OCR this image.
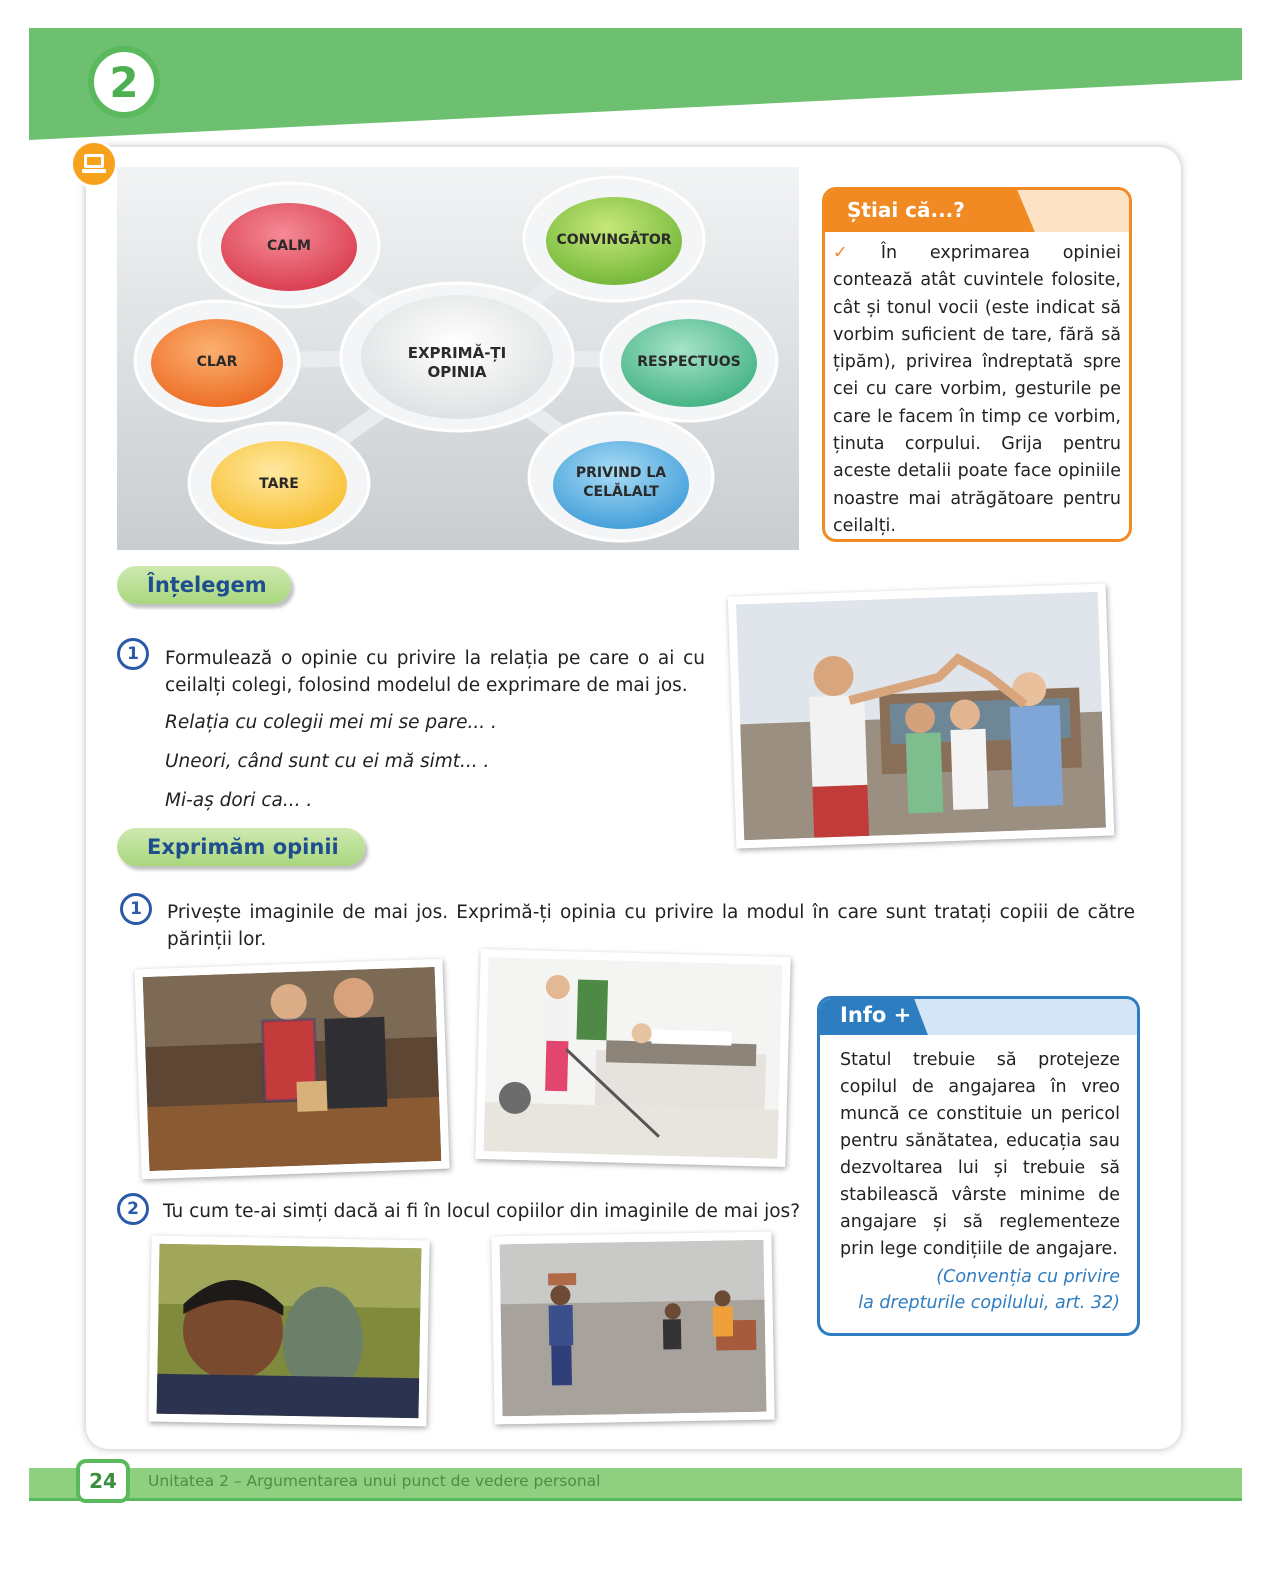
2
CALM	CONVINGĂTOR
CLAR	RESPECTUOS
TARE
PRIVIND LA
CELĂLALT
EXPRIMĂ-ȚI
OPINIA
Știai că...?
✓ În exprimarea opiniei contează atât cuvintele folosite, cât și tonul vocii (este indicat să vorbim suficient de tare, fără să țipăm), privirea îndreptată spre cei cu care vorbim, gesturile pe care le facem în timp ce vorbim, ținuta corpului. Grija pentru aceste detalii poate face opiniile noastre mai atrăgătoare pentru ceilalți.
Înțelegem
1	Formulează o opinie cu privire la relația pe care o ai cu ceilalți colegi, folosind modelul de exprimare de mai jos.
Relația cu colegii mei mi se pare... .
Uneori, când sunt cu ei mă simt... .
Mi-aș dori ca... .
Exprimăm opinii
1	Privește imaginile de mai jos. Exprimă-ți opinia cu privire la modul în care sunt tratați copiii de către părinții lor.
2	Tu cum te-ai simți dacă ai fi în locul copiilor din imaginile de mai jos?
Info +
Statul trebuie să protejeze copilul de angajarea în vreo muncă ce constituie un pericol pentru sănătatea, educația sau dezvoltarea lui și trebuie să stabilească vârste minime de angajare și să reglementeze prin lege condițiile de angajare.
(Convenția cu privire
la drepturile copilului, art. 32)
24	Unitatea 2 – Argumentarea unui punct de vedere personal
